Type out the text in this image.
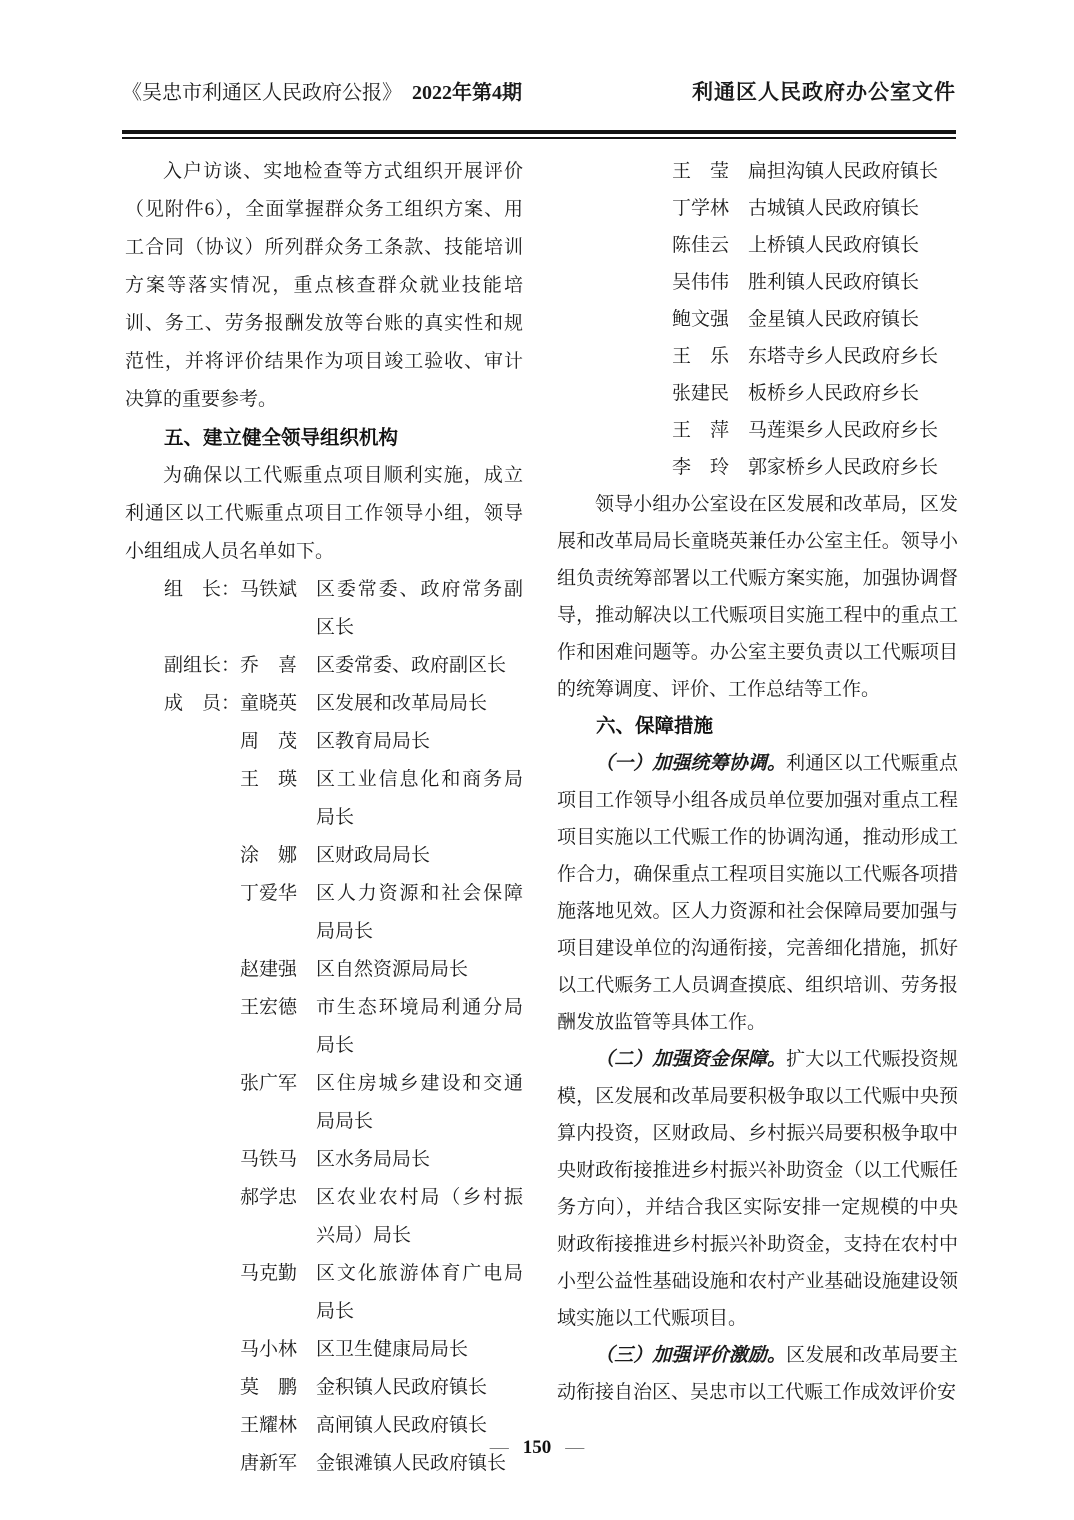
《吴忠市利通区人民政府公报》 2022年第4期	利通区人民政府办公室文件

入户访谈、实地检查等方式组织开展评价（见附件6），全面掌握群众务工组织方案、用工合同（协议）所列群众务工条款、技能培训方案等落实情况，重点核查群众就业技能培训、务工、劳务报酬发放等台账的真实性和规范性，并将评价结果作为项目竣工验收、审计决算的重要参考。

五、建立健全领导组织机构

为确保以工代赈重点项目顺利实施，成立利通区以工代赈重点项目工作领导小组，领导小组组成人员名单如下。

组　长： 马铁斌 区委常委、政府常务副区长
副组长： 乔　喜 区委常委、政府副区长
成　员： 童晓英 区发展和改革局局长
周　茂 区教育局局长
王　瑛 区工业信息化和商务局局长
涂　娜 区财政局局长
丁爱华 区人力资源和社会保障局局长
赵建强 区自然资源局局长
王宏德 市生态环境局利通分局局长
张广军 区住房城乡建设和交通局局长
马铁马 区水务局局长
郝学忠 区农业农村局（乡村振兴局）局长
马克勤 区文化旅游体育广电局局长
马小林 区卫生健康局局长
莫　鹏 金积镇人民政府镇长
王耀林 高闸镇人民政府镇长
唐新军 金银滩镇人民政府镇长
王　莹 扁担沟镇人民政府镇长
丁学林 古城镇人民政府镇长
陈佳云 上桥镇人民政府镇长
吴伟伟 胜利镇人民政府镇长
鲍文强 金星镇人民政府镇长
王　乐 东塔寺乡人民政府乡长
张建民 板桥乡人民政府乡长
王　萍 马莲渠乡人民政府乡长
李　玲 郭家桥乡人民政府乡长

领导小组办公室设在区发展和改革局，区发展和改革局局长童晓英兼任办公室主任。领导小组负责统筹部署以工代赈方案实施，加强协调督导，推动解决以工代赈项目实施工程中的重点工作和困难问题等。办公室主要负责以工代赈项目的统筹调度、评价、工作总结等工作。

六、保障措施

（一）加强统筹协调。利通区以工代赈重点项目工作领导小组各成员单位要加强对重点工程项目实施以工代赈工作的协调沟通，推动形成工作合力，确保重点工程项目实施以工代赈各项措施落地见效。区人力资源和社会保障局要加强与项目建设单位的沟通衔接，完善细化措施，抓好以工代赈务工人员调查摸底、组织培训、劳务报酬发放监管等具体工作。

（二）加强资金保障。扩大以工代赈投资规模，区发展和改革局要积极争取以工代赈中央预算内投资，区财政局、乡村振兴局要积极争取中央财政衔接推进乡村振兴补助资金（以工代赈任务方向），并结合我区实际安排一定规模的中央财政衔接推进乡村振兴补助资金，支持在农村中小型公益性基础设施和农村产业基础设施建设领域实施以工代赈项目。

（三）加强评价激励。区发展和改革局要主动衔接自治区、吴忠市以工代赈工作成效评价安

— 150 —
